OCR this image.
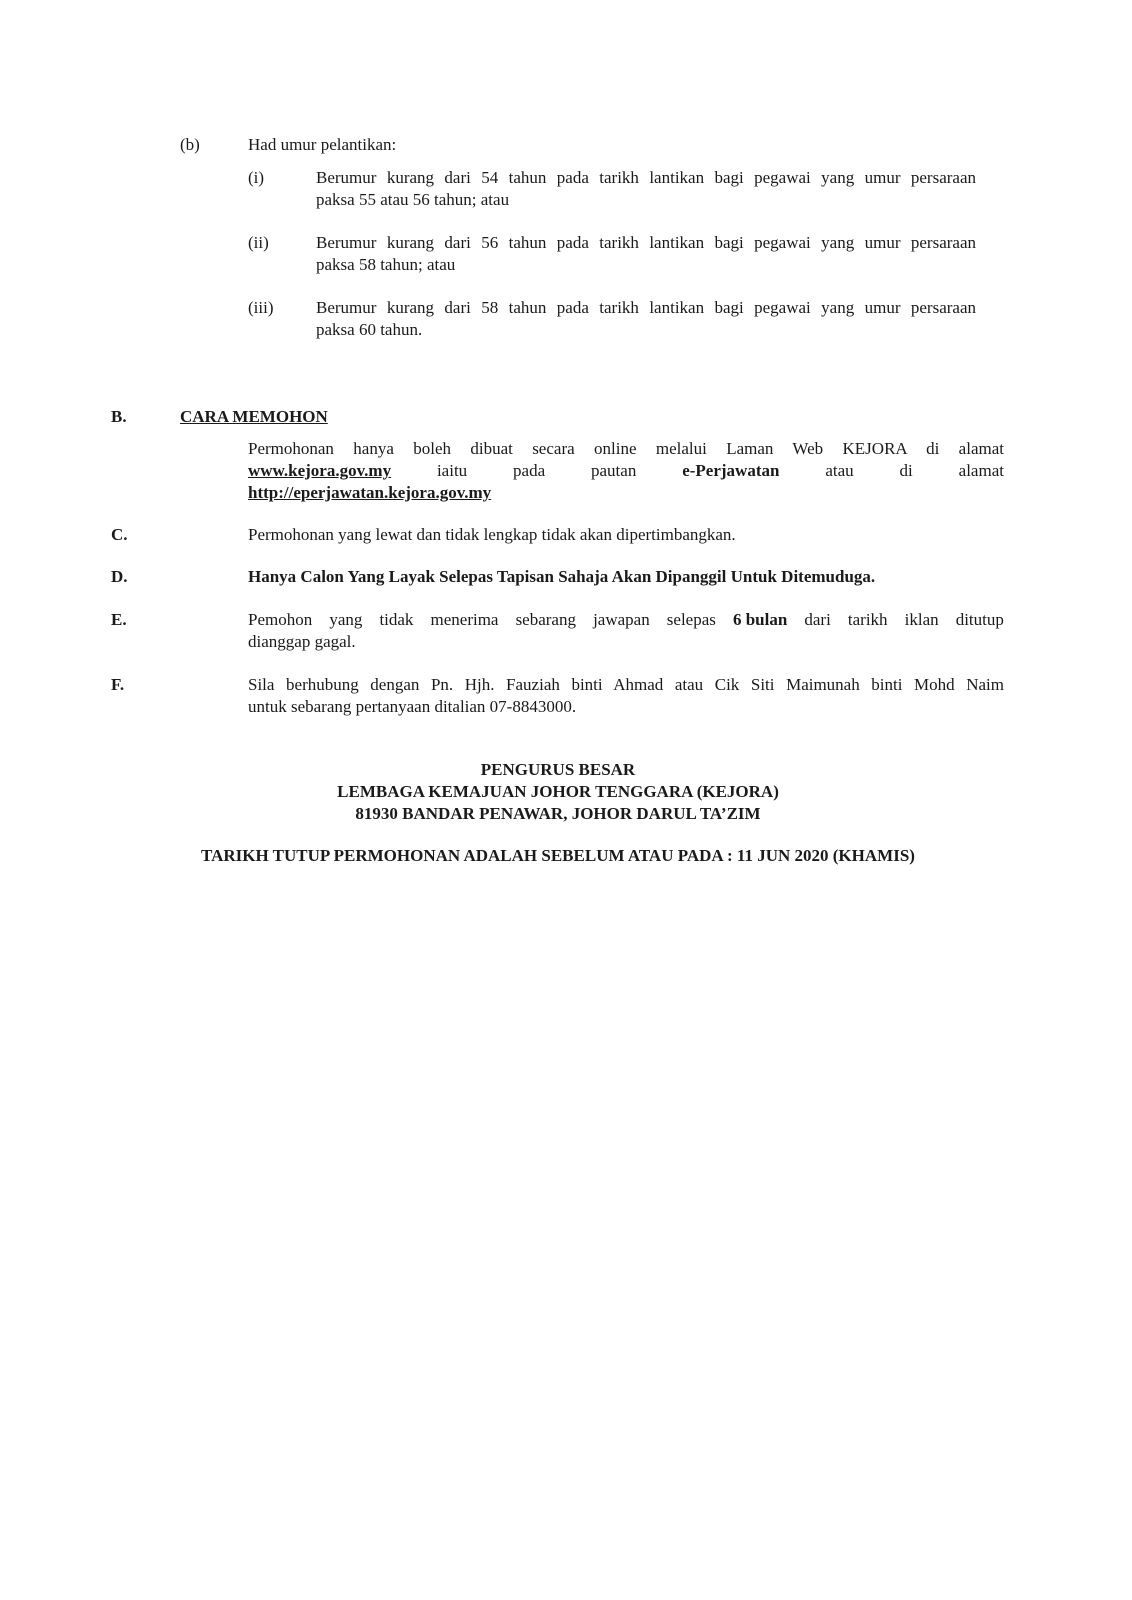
(b)	Had umur pelantikan:
(i)	Berumur kurang dari 54 tahun pada tarikh lantikan bagi pegawai yang umur persaraan
paksa 55 atau 56 tahun; atau
(ii)	Berumur kurang dari 56 tahun pada tarikh lantikan bagi pegawai yang umur persaraan
paksa 58 tahun; atau
(iii)	Berumur kurang dari 58 tahun pada tarikh lantikan bagi pegawai yang umur persaraan
paksa 60 tahun.
B.	CARA MEMOHON
Permohonan hanya boleh dibuat secara online melalui Laman Web KEJORA di alamat
www.kejora.gov.my	iaitu	pada	pautan	e-Perjawatan	atau	di	alamat
http://eperjawatan.kejora.gov.my
C.	Permohonan yang lewat dan tidak lengkap tidak akan dipertimbangkan.
D.	Hanya Calon Yang Layak Selepas Tapisan Sahaja Akan Dipanggil Untuk Ditemuduga.
E.	Pemohon yang tidak menerima sebarang jawapan selepas 6 bulan dari tarikh iklan ditutup
dianggap gagal.
F.	Sila berhubung dengan Pn. Hjh. Fauziah binti Ahmad atau Cik Siti Maimunah binti Mohd Naim
untuk sebarang pertanyaan ditalian 07-8843000.
PENGURUS BESAR
LEMBAGA KEMAJUAN JOHOR TENGGARA (KEJORA)
81930 BANDAR PENAWAR, JOHOR DARUL TA’ZIM
TARIKH TUTUP PERMOHONAN ADALAH SEBELUM ATAU PADA : 11 JUN 2020 (KHAMIS)
